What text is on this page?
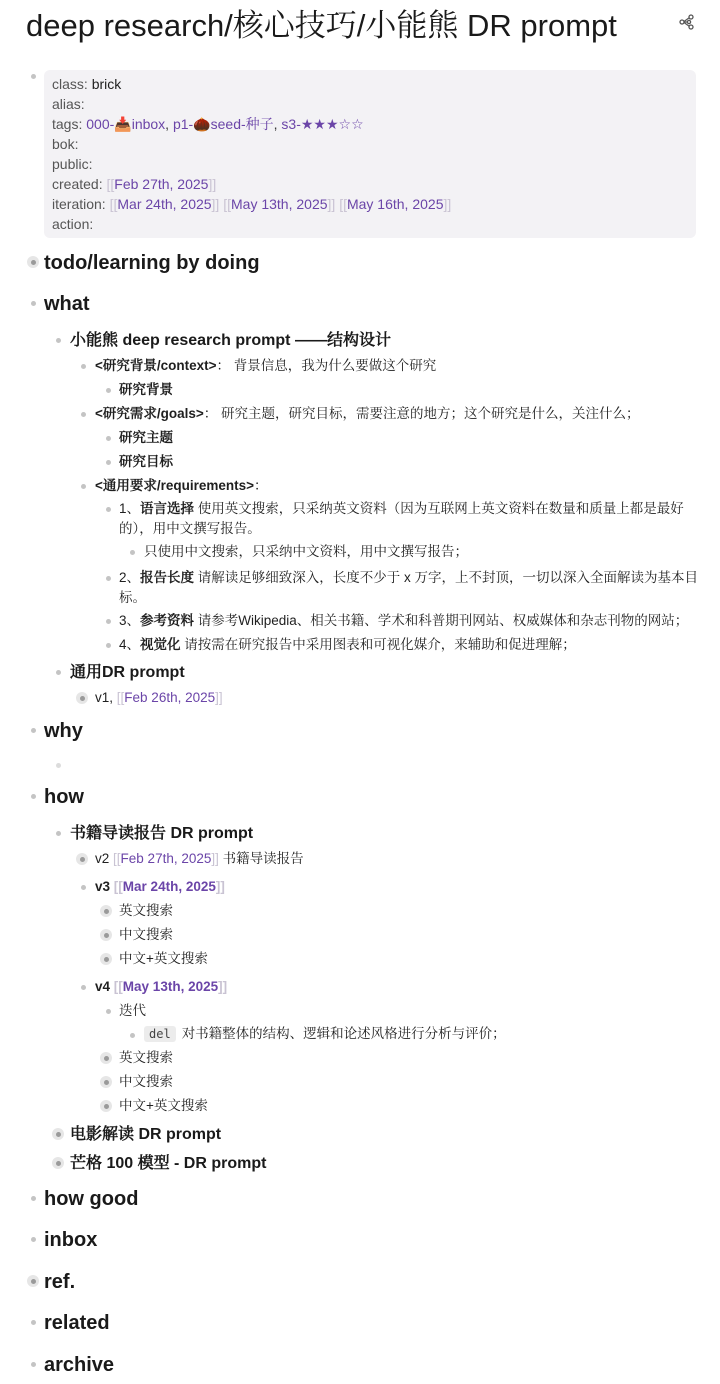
deep research/核心技巧/小能熊 DR prompt
class: brick
alias:
tags: 000-📥inbox, p1-🌰seed-种子, s3-★★★☆☆
bok:
public:
created: [[Feb 27th, 2025]]
iteration: [[Mar 24th, 2025]] [[May 13th, 2025]] [[May 16th, 2025]]
action:
todo/learning by doing
what
小能熊 deep research prompt ——结构设计
<研究背景/context>： 背景信息，我为什么要做这个研究
研究背景
<研究需求/goals>： 研究主题，研究目标，需要注意的地方；这个研究是什么，关注什么；
研究主题
研究目标
<通用要求/requirements>：
1、语言选择 使用英文搜索，只采纳英文资料（因为互联网上英文资料在数量和质量上都是最好的），用中文撰写报告。
只使用中文搜索，只采纳中文资料，用中文撰写报告；
2、报告长度 请解读足够细致深入，长度不少于 x 万字，上不封顶，一切以深入全面解读为基本目标。
3、参考资料 请参考Wikipedia、相关书籍、学术和科普期刊网站、权威媒体和杂志刊物的网站；
4、视觉化 请按需在研究报告中采用图表和可视化媒介，来辅助和促进理解；
通用DR prompt
v1, [[Feb 26th, 2025]]
why
how
书籍导读报告 DR prompt
v2 [[Feb 27th, 2025]] 书籍导读报告
v3 [[Mar 24th, 2025]]
英文搜索
中文搜索
中文+英文搜索
v4 [[May 13th, 2025]]
迭代
del 对书籍整体的结构、逻辑和论述风格进行分析与评价；
英文搜索
中文搜索
中文+英文搜索
电影解读 DR prompt
芒格 100 模型 - DR prompt
how good
inbox
ref.
related
archive
